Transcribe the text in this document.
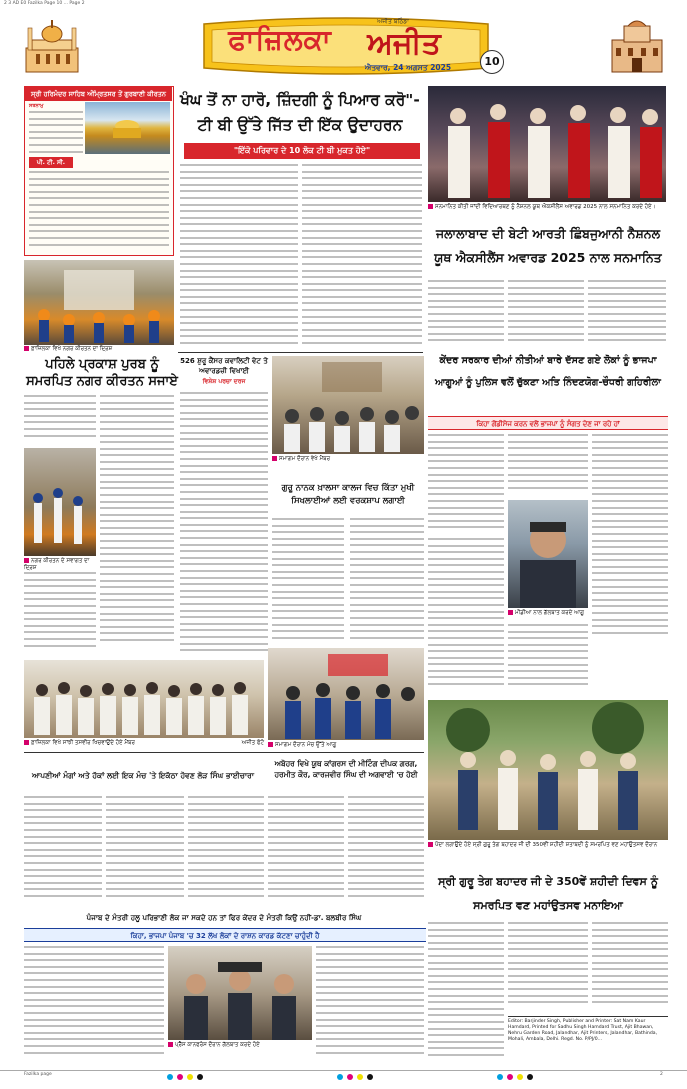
2 3 AD E0 Fazilka Page 10 ... Page 2
ਫਾਜ਼ਿਲਕਾ
ਅਜੀਤ ਬਠਿੰਡਾ
ਅਜੀਤ
ਐਤਵਾਰ, 24 ਅਗਸਤ 2025	10
ਸ੍ਰੀ ਹਰਿਮੰਦਰ ਸਾਹਿਬ ਅੰਮ੍ਰਿਤਸਰ ਤੋਂ ਗੁਰਬਾਣੀ ਕੀਰਤਨ
ਸਤਨਾਮੁ
ਪੀ. ਟੀ. ਸੀ.
ਫ਼ਾਜ਼ਿਲਕਾ ਵਿਖੇ ਨਗਰ ਕੀਰਤਨ ਦਾ ਦ੍ਰਿਸ਼
ਪਹਿਲੇ ਪ੍ਰਕਾਸ਼ ਪੁਰਬ ਨੂੰ ਸਮਰਪਿਤ ਨਗਰ ਕੀਰਤਨ ਸਜਾਏ
ਨਗਰ ਕੀਰਤਨ ਦੇ ਸਵਾਗਤ ਦਾ ਦ੍ਰਿਸ਼
ਖੰਘ ਤੋਂ ਨਾ ਹਾਰੋ, ਜ਼ਿੰਦਗੀ ਨੂੰ ਪਿਆਰ ਕਰੋ"-ਟੀ ਬੀ ਉੱਤੇ ਜਿੱਤ ਦੀ ਇੱਕ ਉਦਾਹਰਨ
"ਇੱਕੋ ਪਰਿਵਾਰ ਦੇ 10 ਲੋਕ ਟੀ ਬੀ ਮੁਕਤ ਹੋਏ"
526 ਸ਼ੁਰੂ ਕੈਂਸਰ ਕਵਾਲਿਟੀ ਵੇਟ ਤੇ ਅਵਾਰਡਜ਼ੀ ਵਿਖਾਈ
ਵਿਸ਼ੇਸ਼ ਪਰਚਾ ਦਰਜ
ਸਮਾਗਮ ਦੌਰਾਨ ਵੇਖੇ ਮੈਂਬਰ
ਗੁਰੂ ਨਾਨਕ ਖ਼ਾਲਸਾ ਕਾਲਜ ਵਿਚ ਕਿੱਤਾ ਮੁਖੀ ਸਿਖਲਾਈਆਂ ਲਈ ਵਰਕਸ਼ਾਪ ਲਗਾਈ
ਫ਼ਾਜ਼ਿਲਕਾ ਵਿਖੇ ਸਾਂਝੀ ਤਸਵੀਰ ਖਿਚਵਾਉਂਦੇ ਹੋਏ ਮੈਂਬਰ	ਅਜੀਤ ਫੋਟੋ	ਸਮਾਗਮ ਦੌਰਾਨ ਮੰਚ ਉੱਤੇ ਆਗੂ
ਸਨਮਾਨਿਤ ਕੀਤੀ ਜਾਂਦੀ ਵਿਦਿਆਰਥਣ ਨੂੰ ਨੈਸ਼ਨਲ ਯੂਥ ਐਕਸੀਲੈਂਸ ਅਵਾਰਡ 2025 ਨਾਲ ਸਨਮਾਨਿਤ ਕਰਦੇ ਹੋਏ।
ਜਲਾਲਾਬਾਦ ਦੀ ਬੇਟੀ ਆਰਤੀ ਛਿੰਬਜੁਆਨੀ ਨੈਸ਼ਨਲ ਯੂਥ ਐਕਸੀਲੈਂਸ ਅਵਾਰਡ 2025 ਨਾਲ ਸਨਮਾਨਿਤ
ਕੇਂਦਰ ਸਰਕਾਰ ਦੀਆਂ ਨੀਤੀਆਂ ਬਾਰੇ ਦੱਸਣ ਗਏ ਲੋਕਾਂ ਨੂੰ ਭਾਜਪਾ ਆਗੂਆਂ ਨੂੰ ਪੁਲਿਸ ਵਲੋਂ ਚੁੱਕਣਾ ਅਤਿ ਨਿੰਦਣਯੋਗ-ਚੌਧਰੀ ਗਹਿਰੀਲਾ
ਕਿਹਾ ਗੋਂਡੀਸੇਜ ਕਰਨ ਵਲੋਂ ਭਾਜਪਾ ਨੂੰ ਸੰਗਤ ਦੇਣ ਜਾ ਰਹੇ ਹਾਂ
ਮੀਡੀਆ ਨਾਲ ਗੱਲਬਾਤ ਕਰਦੇ ਆਗੂ
ਅਬੋਹਰ ਵਿਖੇ ਯੂਥ ਕਾਂਗਰਸ ਦੀ ਮੀਟਿੰਗ ਦੀਪਕ ਗਰਗ, ਹਰਮੀਤ ਕੌਰ, ਕਾਰਜਵੀਰ ਸਿੰਘ ਦੀ ਅਗਵਾਈ 'ਚ ਹੋਈ
ਆਪਣੀਆਂ ਮੰਗਾਂ ਅਤੇ ਹੱਕਾਂ ਲਈ ਇਕ ਮੰਚ 'ਤੇ ਇਕੱਠਾ ਹੋਵਣ ਲੋੜ ਸਿੰਘ ਭਾਈਚਾਰਾ
ਪੌਦਾ ਲਗਾਉਂਦੇ ਹੋਏ ਸ੍ਰੀ ਗੁਰੂ ਤੇਗ ਬਹਾਦਰ ਜੀ ਦੀ 350ਵੀਂ ਸ਼ਹੀਦੀ ਸ਼ਤਾਬਦੀ ਨੂੰ ਸਮਰਪਿਤ ਵਣ ਮਹਾਂਉਤਸਵ ਦੌਰਾਨ
ਸ੍ਰੀ ਗੁਰੂ ਤੇਗ ਬਹਾਦਰ ਜੀ ਦੇ 350ਵੇਂ ਸ਼ਹੀਦੀ ਦਿਵਸ ਨੂੰ ਸਮਰਪਿਤ ਵਣ ਮਹਾਂਉਤਸਵ ਮਨਾਇਆ
ਪੰਜਾਬ ਦੇ ਮੰਤਰੀ ਹਲੂ ਪਰਿਭਾਣੀ ਲੋਕ ਜਾ ਸਕਦੇ ਹਨ ਤਾਂ ਫਿਰ ਕੇਂਦਰ ਦੇ ਮੰਤਰੀ ਕਿਉਂ ਨਹੀਂ-ਡਾ. ਬਲਬੀਰ ਸਿੰਘ
ਕਿਹਾ, ਭਾਜਪਾ ਪੰਜਾਬ 'ਚ 32 ਲੱਖ ਲੋਕਾਂ ਦੇ ਰਾਸ਼ਨ ਕਾਰਡ ਕੱਟਣਾ ਚਾਹੁੰਦੀ ਹੈ
ਪ੍ਰੈੱਸ ਕਾਨਫਰੰਸ ਦੌਰਾਨ ਗੱਲਬਾਤ ਕਰਦੇ ਹੋਏ
Editor: Barjinder Singh, Publisher and Printer: Sat Nam Kaur Hamdard, Printed for Sadhu Singh Hamdard Trust, Ajit Bhawan, Nehru Garden Road, Jalandhar, Ajit Printers, Jalandhar, Bathinda, Mohali, Ambala, Delhi. Regd. No. P/PJ/0...
Fazilka page	2
